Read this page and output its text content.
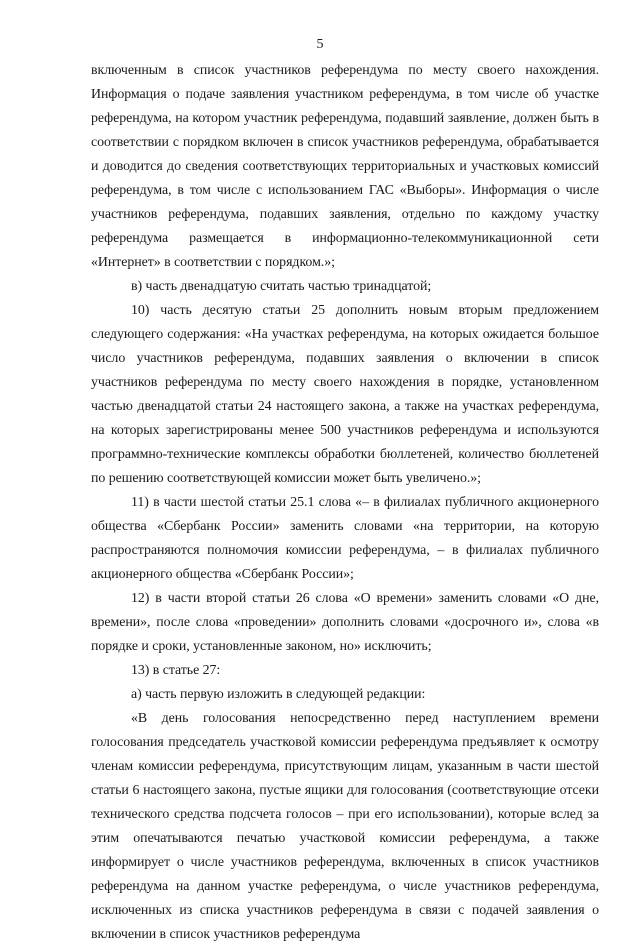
5

включенным в список участников референдума по месту своего нахождения. Информация о подаче заявления участником референдума, в том числе об участке референдума, на котором участник референдума, подавший заявление, должен быть в соответствии с порядком включен в список участников референдума, обрабатывается и доводится до сведения соответствующих территориальных и участковых комиссий референдума, в том числе с использованием ГАС «Выборы». Информация о числе участников референдума, подавших заявления, отдельно по каждому участку референдума размещается в информационно-телекоммуникационной сети «Интернет» в соответствии с порядком.»;

в) часть двенадцатую считать частью тринадцатой;

10) часть десятую статьи 25 дополнить новым вторым предложением следующего содержания: «На участках референдума, на которых ожидается большое число участников референдума, подавших заявления о включении в список участников референдума по месту своего нахождения в порядке, установленном частью двенадцатой статьи 24 настоящего закона, а также на участках референдума, на которых зарегистрированы менее 500 участников референдума и используются программно-технические комплексы обработки бюллетеней, количество бюллетеней по решению соответствующей комиссии может быть увеличено.»;

11) в части шестой статьи 25.1 слова «– в филиалах публичного акционерного общества «Сбербанк России» заменить словами «на территории, на которую распространяются полномочия комиссии референдума, – в филиалах публичного акционерного общества «Сбербанк России»;

12) в части второй статьи 26 слова «О времени» заменить словами «О дне, времени», после слова «проведении» дополнить словами «досрочного и», слова «в порядке и сроки, установленные законом, но» исключить;

13) в статье 27:

а) часть первую изложить в следующей редакции:

«В день голосования непосредственно перед наступлением времени голосования председатель участковой комиссии референдума предъявляет к осмотру членам комиссии референдума, присутствующим лицам, указанным в части шестой статьи 6 настоящего закона, пустые ящики для голосования (соответствующие отсеки технического средства подсчета голосов – при его использовании), которые вслед за этим опечатываются печатью участковой комиссии референдума, а также информирует о числе участников референдума, включенных в список участников референдума на данном участке референдума, о числе участников референдума, исключенных из списка участников референдума в связи с подачей заявления о включении в список участников референдума
